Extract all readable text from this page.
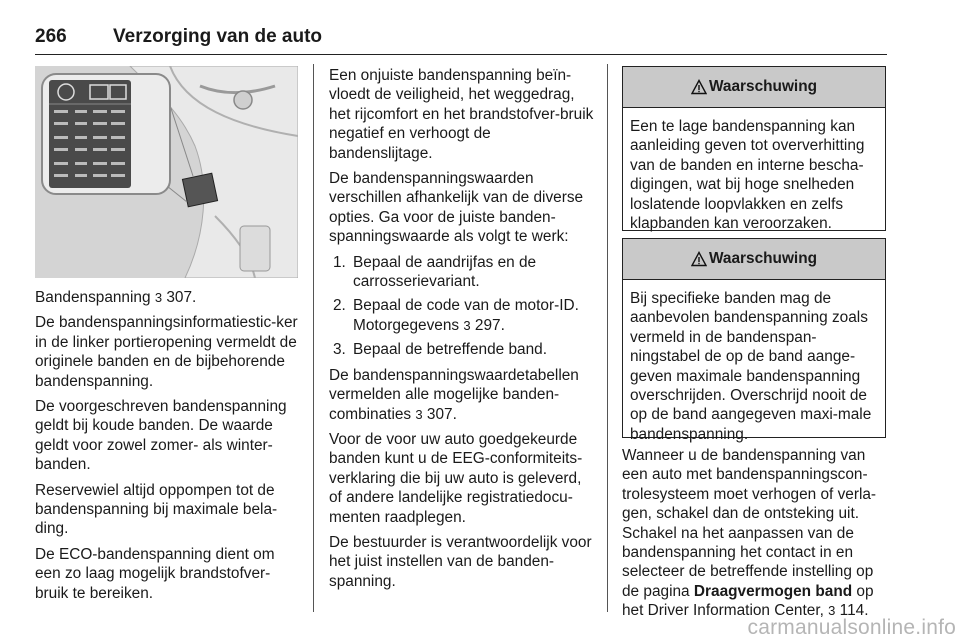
266 Verzorging van de auto

Bandenspanning 3 307.

De bandenspanningsinformatiestic-ker in de linker portieropening vermeldt de originele banden en de bijbehorende bandenspanning.

De voorgeschreven bandenspanning geldt bij koude banden. De waarde geldt voor zowel zomer- als winter-banden.

Reservewiel altijd oppompen tot de bandenspanning bij maximale bela-ding.

De ECO-bandenspanning dient om een zo laag mogelijk brandstofver-bruik te bereiken.

Een onjuiste bandenspanning beïn-vloedt de veiligheid, het weggedrag, het rijcomfort en het brandstofver-bruik negatief en verhoogt de bandenslijtage.

De bandenspanningswaarden verschillen afhankelijk van de diverse opties. Ga voor de juiste banden-spanningswaarde als volgt te werk:

1. Bepaal de aandrijfas en de carrosserievariant.
2. Bepaal de code van de motor-ID. Motorgegevens 3 297.
3. Bepaal de betreffende band.

De bandenspanningswaardetabellen vermelden alle mogelijke banden-combinaties 3 307.

Voor de voor uw auto goedgekeurde banden kunt u de EEG-conformiteits-verklaring die bij uw auto is geleverd, of andere landelijke registratiedocu-menten raadplegen.

De bestuurder is verantwoordelijk voor het juist instellen van de banden-spanning.

Waarschuwing
Een te lage bandenspanning kan aanleiding geven tot oververhitting van de banden en interne bescha-digingen, wat bij hoge snelheden loslatende loopvlakken en zelfs klapbanden kan veroorzaken.
Waarschuwing
Bij specifieke banden mag de aanbevolen bandenspanning zoals vermeld in de bandenspan-ningstabel de op de band aange-geven maximale bandenspanning overschrijden. Overschrijd nooit de op de band aangegeven maxi-male bandenspanning.

Wanneer u de bandenspanning van een auto met bandenspanningscon-trolesysteem moet verhogen of verla-gen, schakel dan de ontsteking uit. Schakel na het aanpassen van de bandenspanning het contact in en selecteer de betreffende instelling op de pagina Draagvermogen band op het Driver Information Center, 3 114.

carmanualsonline.info
